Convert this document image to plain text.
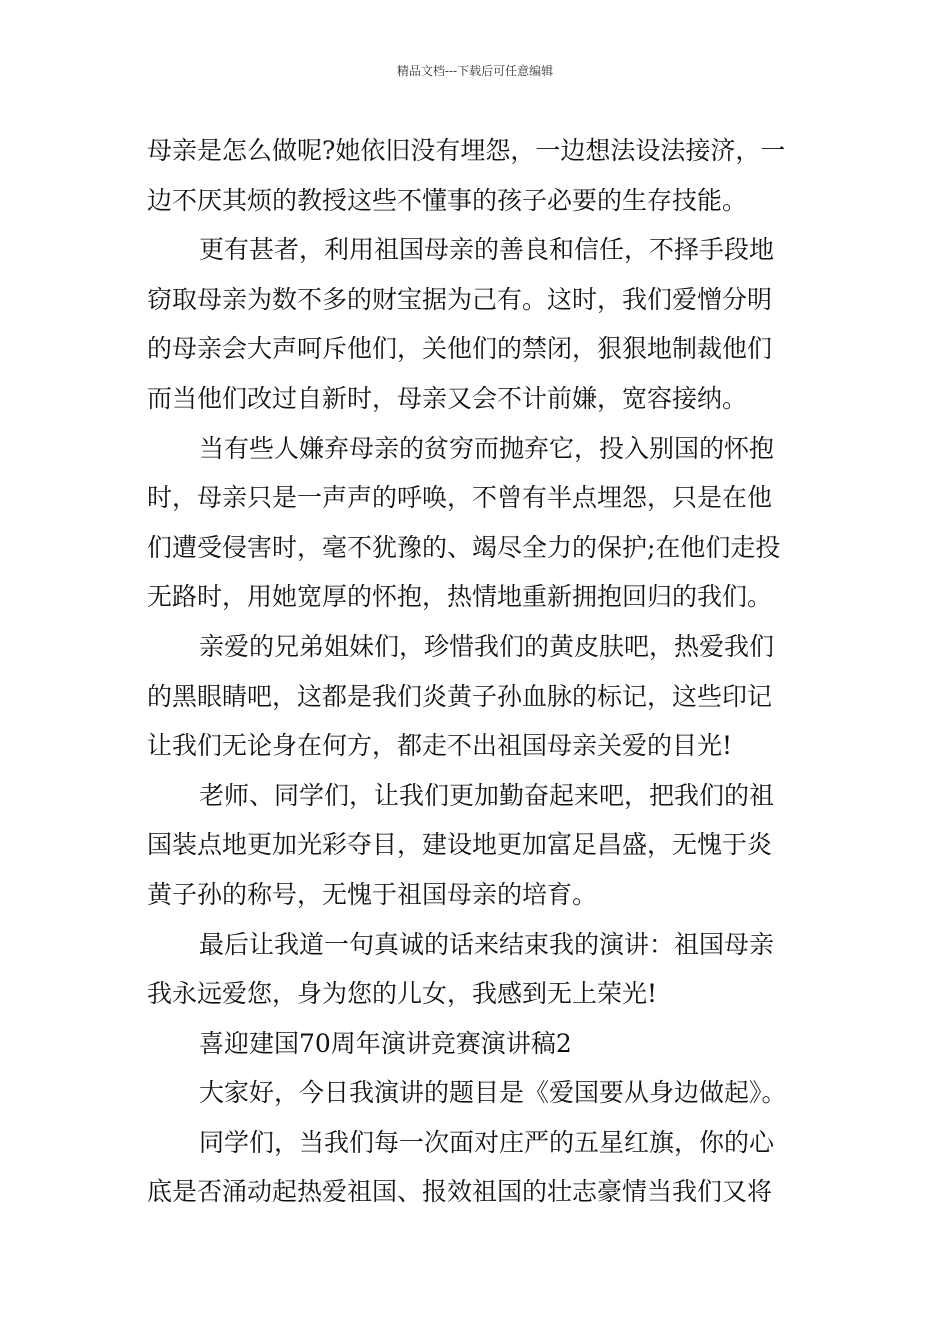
精品文档---下载后可任意编辑
母亲是怎么做呢?她依旧没有埋怨，一边想法设法接济，一
边不厌其烦的教授这些不懂事的孩子必要的生存技能。
更有甚者，利用祖国母亲的善良和信任，不择手段地
窃取母亲为数不多的财宝据为己有。这时，我们爱憎分明
的母亲会大声呵斥他们，关他们的禁闭，狠狠地制裁他们
而当他们改过自新时，母亲又会不计前嫌，宽容接纳。
当有些人嫌弃母亲的贫穷而抛弃它，投入别国的怀抱
时，母亲只是一声声的呼唤，不曾有半点埋怨，只是在他
们遭受侵害时，毫不犹豫的、竭尽全力的保护;在他们走投
无路时，用她宽厚的怀抱，热情地重新拥抱回归的我们。
亲爱的兄弟姐妹们，珍惜我们的黄皮肤吧，热爱我们
的黑眼睛吧，这都是我们炎黄子孙血脉的标记，这些印记
让我们无论身在何方，都走不出祖国母亲关爱的目光!
老师、同学们，让我们更加勤奋起来吧，把我们的祖
国装点地更加光彩夺目，建设地更加富足昌盛，无愧于炎
黄子孙的称号，无愧于祖国母亲的培育。
最后让我道一句真诚的话来结束我的演讲：祖国母亲
我永远爱您，身为您的儿女，我感到无上荣光!
喜迎建国70周年演讲竞赛演讲稿2
大家好，今日我演讲的题目是《爱国要从身边做起》。
同学们，当我们每一次面对庄严的五星红旗，你的心
底是否涌动起热爱祖国、报效祖国的壮志豪情当我们又将
